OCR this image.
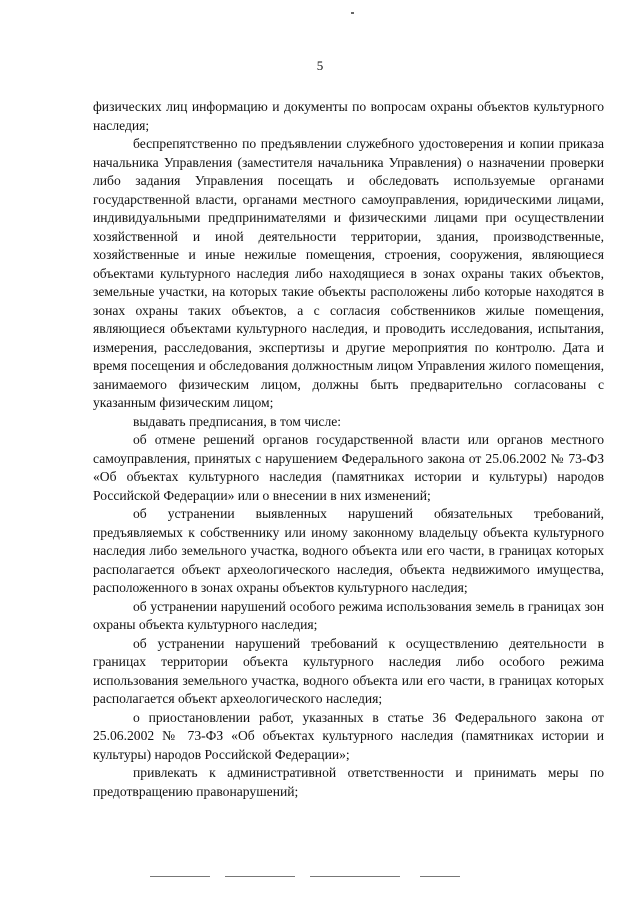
5

физических лиц информацию и документы по вопросам охраны объектов культурного наследия;

беспрепятственно по предъявлении служебного удостоверения и копии приказа начальника Управления (заместителя начальника Управления) о назначении проверки либо задания Управления посещать и обследовать используемые органами государственной власти, органами местного самоуправления, юридическими лицами, индивидуальными предпринимателями и физическими лицами при осуществлении хозяйственной и иной деятельности территории, здания, производственные, хозяйственные и иные нежилые помещения, строения, сооружения, являющиеся объектами культурного наследия либо находящиеся в зонах охраны таких объектов, земельные участки, на которых такие объекты расположены либо которые находятся в зонах охраны таких объектов, а с согласия собственников жилые помещения, являющиеся объектами культурного наследия, и проводить исследования, испытания, измерения, расследования, экспертизы и другие мероприятия по контролю. Дата и время посещения и обследования должностным лицом Управления жилого помещения, занимаемого физическим лицом, должны быть предварительно согласованы с указанным физическим лицом;

выдавать предписания, в том числе:

об отмене решений органов государственной власти или органов местного самоуправления, принятых с нарушением Федерального закона от 25.06.2002 № 73-ФЗ «Об объектах культурного наследия (памятниках истории и культуры) народов Российской Федерации» или о внесении в них изменений;

об устранении выявленных нарушений обязательных требований, предъявляемых к собственнику или иному законному владельцу объекта культурного наследия либо земельного участка, водного объекта или его части, в границах которых располагается объект археологического наследия, объекта недвижимого имущества, расположенного в зонах охраны объектов культурного наследия;

об устранении нарушений особого режима использования земель в границах зон охраны объекта культурного наследия;

об устранении нарушений требований к осуществлению деятельности в границах территории объекта культурного наследия либо особого режима использования земельного участка, водного объекта или его части, в границах которых располагается объект археологического наследия;

о приостановлении работ, указанных в статье 36 Федерального закона от 25.06.2002 № 73-ФЗ «Об объектах культурного наследия (памятниках истории и культуры) народов Российской Федерации»;

привлекать к административной ответственности и принимать меры по предотвращению правонарушений;
